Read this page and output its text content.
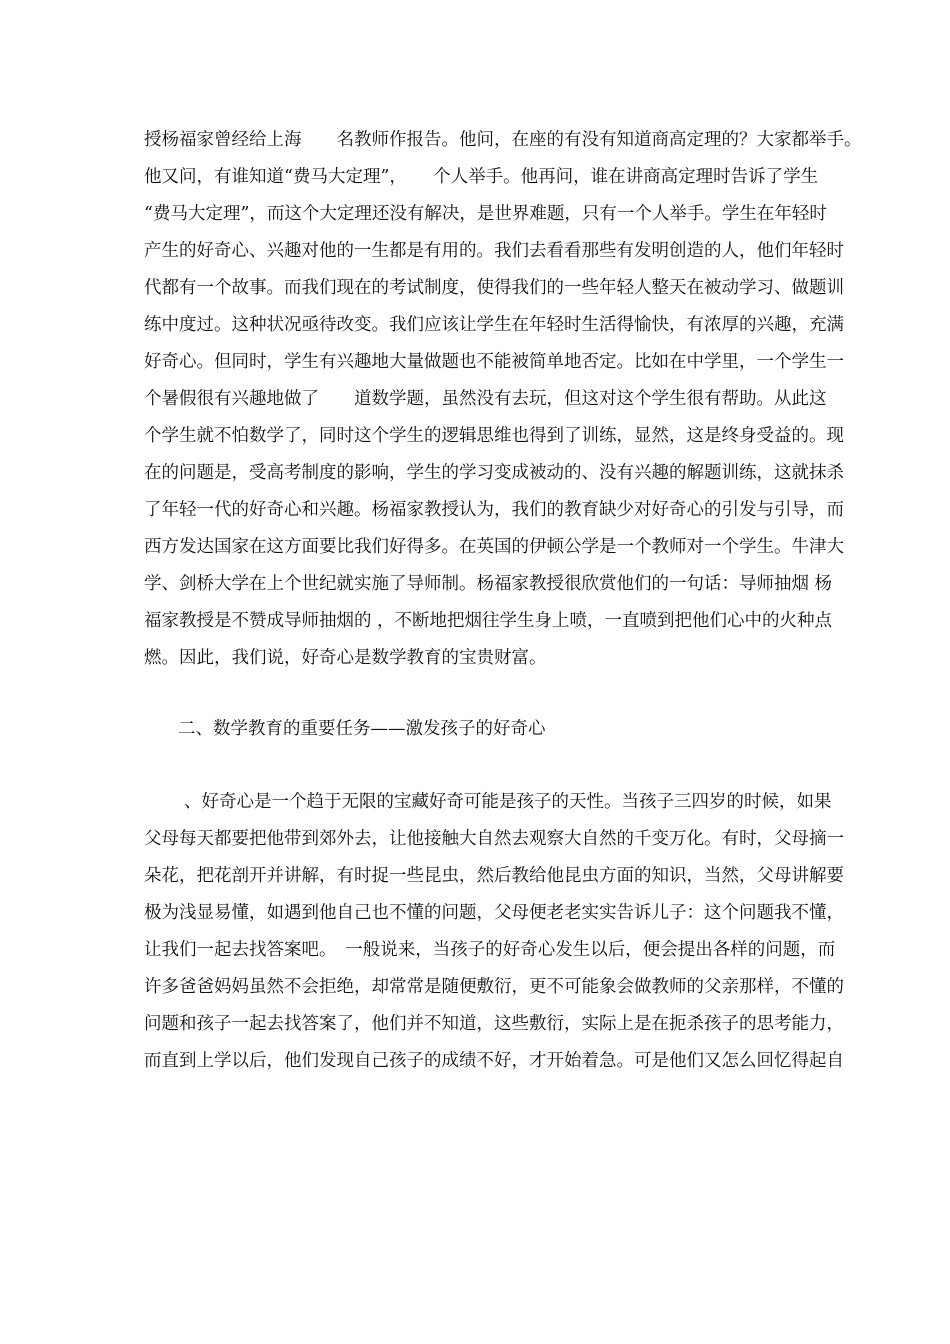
授杨福家曾经给上海　　名教师作报告。他问，在座的有没有知道商高定理的？大家都举手。
他又问，有谁知道“费马大定理”，　　个人举手。他再问，谁在讲商高定理时告诉了学生
“费马大定理”，而这个大定理还没有解决，是世界难题，只有一个人举手。学生在年轻时
产生的好奇心、兴趣对他的一生都是有用的。我们去看看那些有发明创造的人，他们年轻时
代都有一个故事。而我们现在的考试制度，使得我们的一些年轻人整天在被动学习、做题训
练中度过。这种状况亟待改变。我们应该让学生在年轻时生活得愉快，有浓厚的兴趣，充满
好奇心。但同时，学生有兴趣地大量做题也不能被简单地否定。比如在中学里，一个学生一
个暑假很有兴趣地做了　　道数学题，虽然没有去玩，但这对这个学生很有帮助。从此这
个学生就不怕数学了，同时这个学生的逻辑思维也得到了训练，显然，这是终身受益的。现
在的问题是，受高考制度的影响，学生的学习变成被动的、没有兴趣的解题训练，这就抹杀
了年轻一代的好奇心和兴趣。杨福家教授认为，我们的教育缺少对好奇心的引发与引导，而
西方发达国家在这方面要比我们好得多。在英国的伊顿公学是一个教师对一个学生。牛津大
学、剑桥大学在上个世纪就实施了导师制。杨福家教授很欣赏他们的一句话：导师抽烟 杨
福家教授是不赞成导师抽烟的 ，不断地把烟往学生身上喷，一直喷到把他们心中的火种点
燃。因此，我们说，好奇心是数学教育的宝贵财富。
二、数学教育的重要任务——激发孩子的好奇心
、好奇心是一个趋于无限的宝藏好奇可能是孩子的天性。当孩子三四岁的时候，如果
父母每天都要把他带到郊外去，让他接触大自然去观察大自然的千变万化。有时，父母摘一
朵花，把花剖开并讲解，有时捉一些昆虫，然后教给他昆虫方面的知识，当然，父母讲解要
极为浅显易懂，如遇到他自己也不懂的问题，父母便老老实实告诉儿子：这个问题我不懂，
让我们一起去找答案吧。　一般说来，当孩子的好奇心发生以后，便会提出各样的问题，而
许多爸爸妈妈虽然不会拒绝，却常常是随便敷衍，更不可能象会做教师的父亲那样，不懂的
问题和孩子一起去找答案了，他们并不知道，这些敷衍，实际上是在扼杀孩子的思考能力，
而直到上学以后，他们发现自己孩子的成绩不好，才开始着急。可是他们又怎么回忆得起自
